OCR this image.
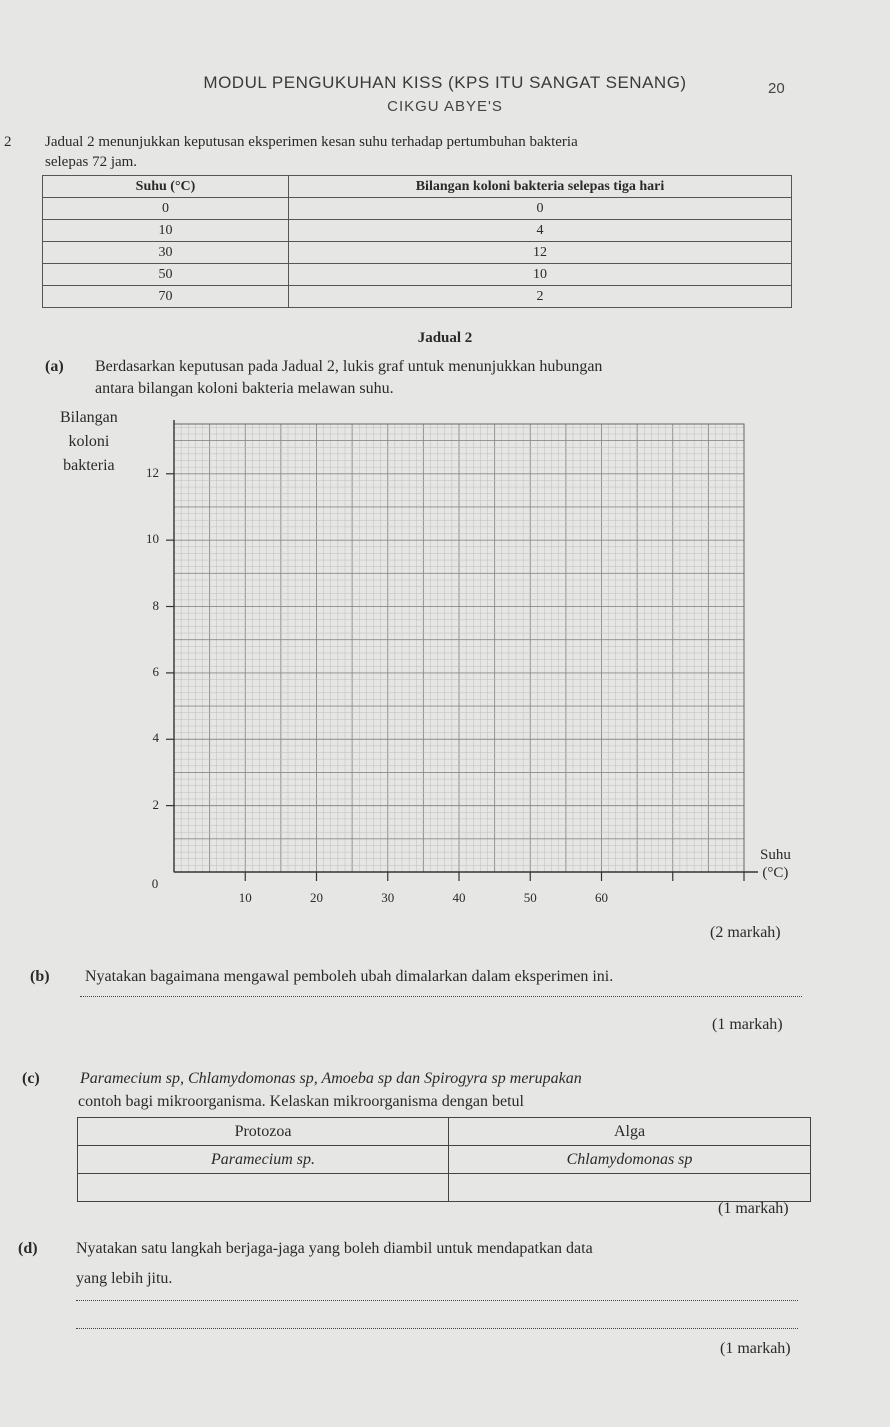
MODUL PENGUKUHAN KISS (KPS ITU SANGAT SENANG)	20
CIKGU ABYE'S
2 Jadual 2 menunjukkan keputusan eksperimen kesan suhu terhadap pertumbuhan bakteria
selepas 72 jam.
Suhu (°C)	Bilangan koloni bakteria selepas tiga hari
0	0
10	4
30	12
50	10
70	2
Jadual 2
(a) Berdasarkan keputusan pada Jadual 2, lukis graf untuk menunjukkan hubungan
antara bilangan koloni bakteria melawan suhu.
Bilangan
koloni
bakteria
Suhu
(°C)
2
4
6
8
10
12
10	20	30	40	50	60
0
(2 markah)
(b) Nyatakan bagaimana mengawal pemboleh ubah dimalarkan dalam eksperimen ini.
(1 markah)
(c)	Paramecium sp, Chlamydomonas sp, Amoeba sp dan Spirogyra sp merupakan
contoh bagi mikroorganisma. Kelaskan mikroorganisma dengan betul
Protozoa	Alga
Paramecium sp.	Chlamydomonas sp

(1 markah)
(d) Nyatakan satu langkah berjaga-jaga yang boleh diambil untuk mendapatkan data
yang lebih jitu.
(1 markah)
